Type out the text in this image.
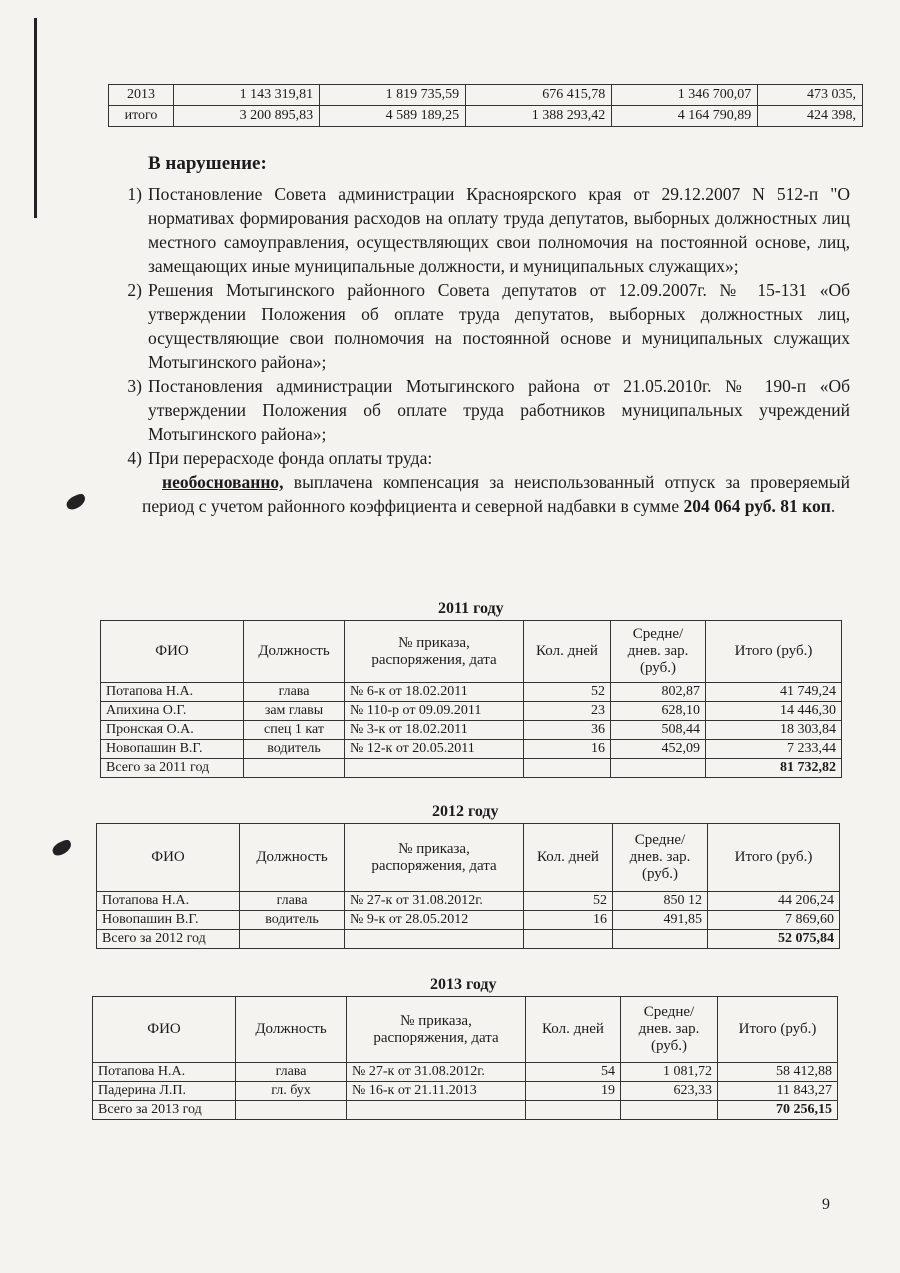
2013	1 143 319,81	1 819 735,59	676 415,78	1 346 700,07	473 035,
итого	3 200 895,83	4 589 189,25	1 388 293,42	4 164 790,89	424 398,
В нарушение:
1) Постановление Совета администрации Красноярского края от 29.12.2007 N 512-п "О нормативах формирования расходов на оплату труда депутатов, выборных должностных лиц местного самоуправления, осуществляющих свои полномочия на постоянной основе, лиц, замещающих иные муниципальные должности, и муниципальных служащих»;
2) Решения Мотыгинского районного Совета депутатов от 12.09.2007г. № 15-131 «Об утверждении Положения об оплате труда депутатов, выборных должностных лиц, осуществляющие свои полномочия на постоянной основе и муниципальных служащих Мотыгинского района»;
3) Постановления администрации Мотыгинского района от 21.05.2010г. № 190-п «Об утверждении Положения об оплате труда работников муниципальных учреждений Мотыгинского района»;
4) При перерасходе фонда оплаты труда:
необоснованно, выплачена компенсация за неиспользованный отпуск за проверяемый период с учетом районного коэффициента и северной надбавки в сумме 204 064 руб. 81 коп.
2011 году
ФИО	Должность	№ приказа, распоряжения, дата	Кол. дней	Средне/ днев. зар.(руб.)	Итого (руб.)
Потапова Н.А.	глава	№ 6-к от 18.02.2011	52	802,87	41 749,24
Апихина О.Г.	зам главы	№ 110-р от 09.09.2011	23	628,10	14 446,30
Пронская О.А.	спец 1 кат	№ 3-к от 18.02.2011	36	508,44	18 303,84
Новопашин В.Г.	водитель	№ 12-к от 20.05.2011	16	452,09	7 233,44
Всего за 2011 год					81 732,82
2012 году
ФИО	Должность	№ приказа, распоряжения, дата	Кол. дней	Средне/ днев. зар.(руб.)	Итого (руб.)
Потапова Н.А.	глава	№ 27-к от 31.08.2012г.	52	850 12	44 206,24
Новопашин В.Г.	водитель	№ 9-к от 28.05.2012	16	491,85	7 869,60
Всего за 2012 год					52 075,84
2013 году
ФИО	Должность	№ приказа, распоряжения, дата	Кол. дней	Средне/ днев. зар.(руб.)	Итого (руб.)
Потапова Н.А.	глава	№ 27-к от 31.08.2012г.	54	1 081,72	58 412,88
Падерина Л.П.	гл. бух	№ 16-к от 21.11.2013	19	623,33	11 843,27
Всего за 2013 год					70 256,15
9
